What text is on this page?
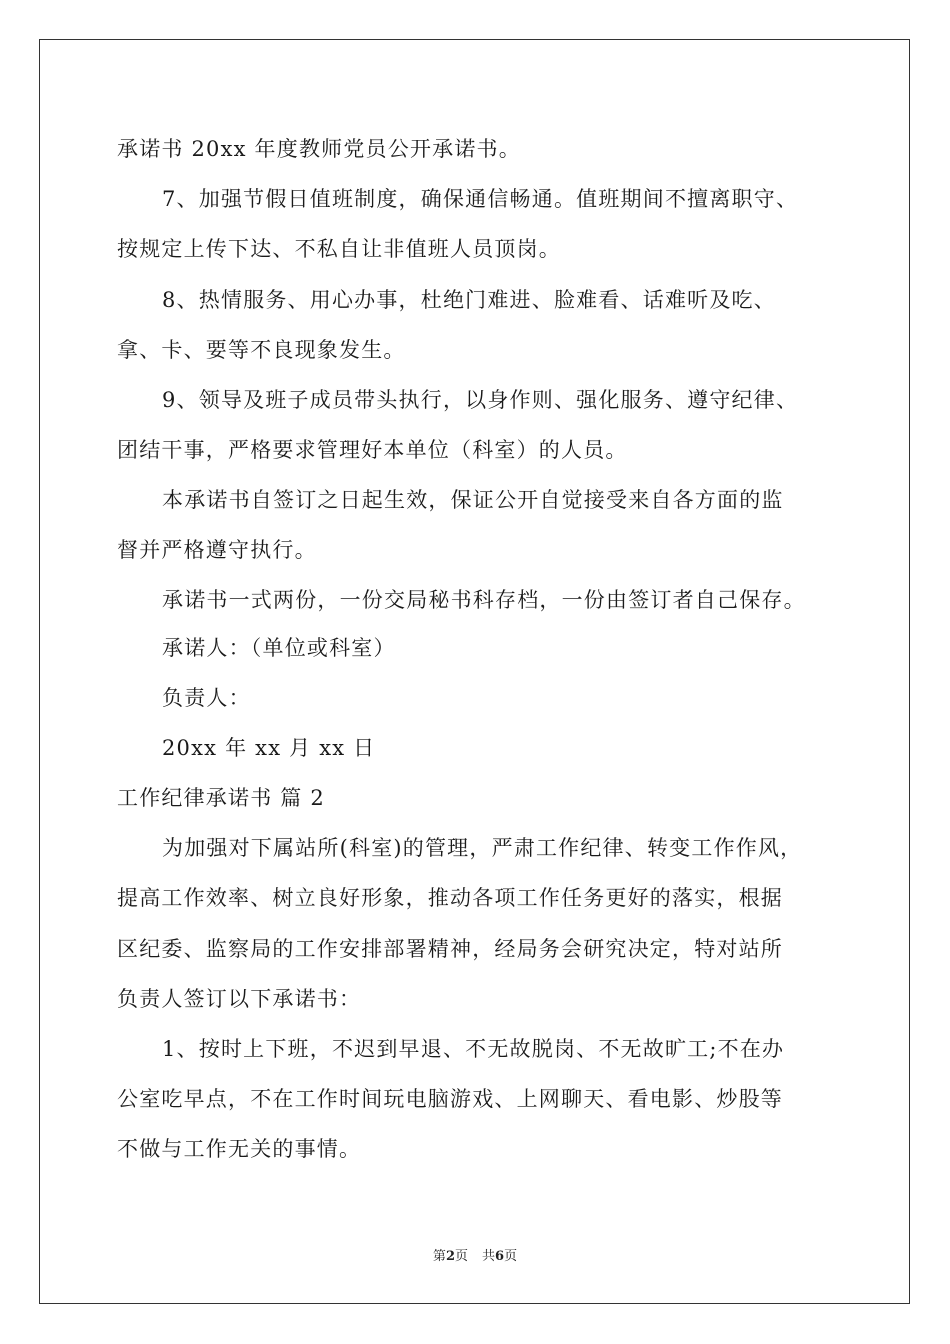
承诺书 20xx 年度教师党员公开承诺书。
7、加强节假日值班制度，确保通信畅通。值班期间不擅离职守、
按规定上传下达、不私自让非值班人员顶岗。
8、热情服务、用心办事，杜绝门难进、脸难看、话难听及吃、
拿、卡、要等不良现象发生。
9、领导及班子成员带头执行，以身作则、强化服务、遵守纪律、
团结干事，严格要求管理好本单位（科室）的人员。
本承诺书自签订之日起生效，保证公开自觉接受来自各方面的监
督并严格遵守执行。
承诺书一式两份，一份交局秘书科存档，一份由签订者自己保存。
承诺人：（单位或科室）
负责人：
20xx 年 xx 月 xx 日
工作纪律承诺书 篇 2
为加强对下属站所(科室)的管理，严肃工作纪律、转变工作作风，
提高工作效率、树立良好形象，推动各项工作任务更好的落实，根据
区纪委、监察局的工作安排部署精神，经局务会研究决定，特对站所
负责人签订以下承诺书：
1、按时上下班，不迟到早退、不无故脱岗、不无故旷工;不在办
公室吃早点，不在工作时间玩电脑游戏、上网聊天、看电影、炒股等
不做与工作无关的事情。
第2页 共6页
